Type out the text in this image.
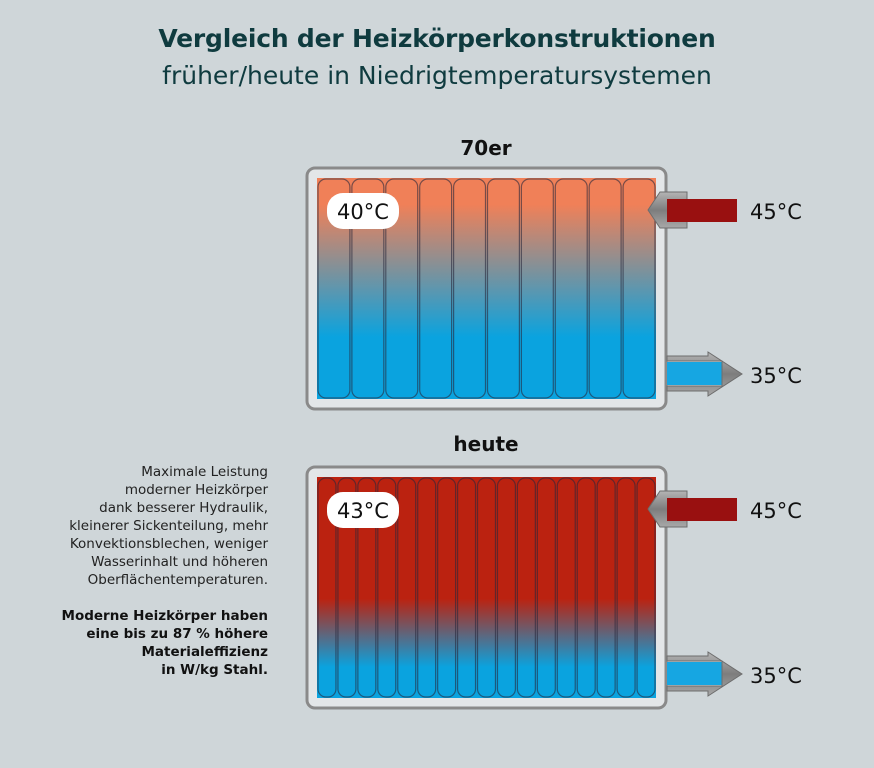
Vergleich der Heizkörperkonstruktionen
früher/heute in Niedrigtemperatursystemen
70er
heute
Maximale Leistung
moderner Heizkörper
dank besserer Hydraulik,
kleinerer Sickenteilung, mehr
Konvektionsblechen, weniger
Wasserinhalt und höheren
Oberflächentemperaturen.
Moderne Heizkörper haben
eine bis zu 87 % höhere
Materialeffizienz
in W/kg Stahl.
45°C
35°C
40°C
45°C
35°C
43°C
